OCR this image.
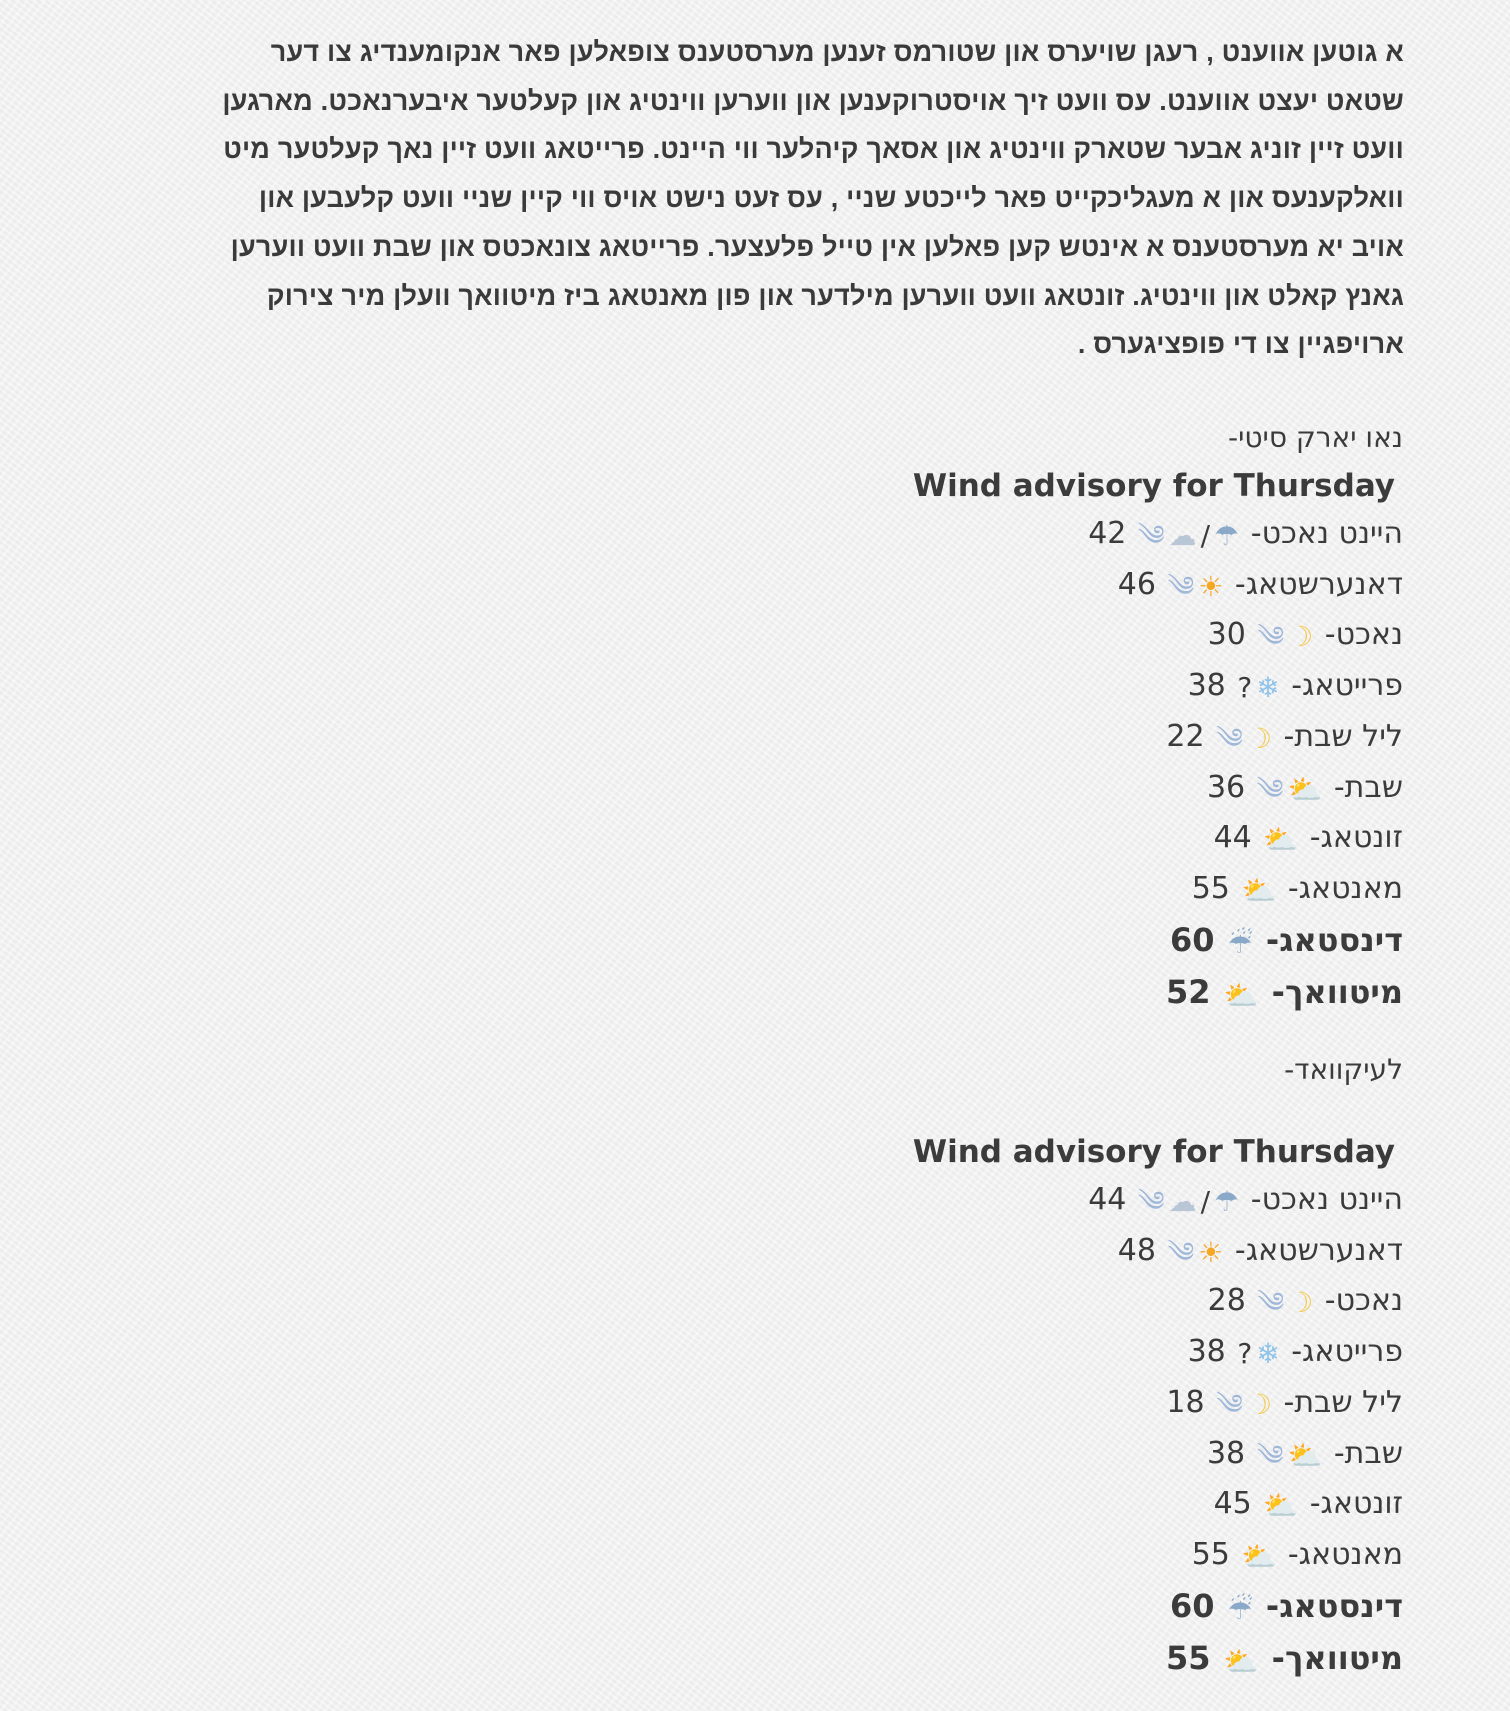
א גוטען אווענט , רעגן שויערס און שטורמס זענען מערסטענס צופאלען פאר אנקומענדיג צו דער
שטאט יעצט אווענט. עס וועט זיך אויסטרוקענען און ווערען ווינטיג און קעלטער איבערנאכט. מארגען
וועט זיין זוניג אבער שטארק ווינטיג און אסאך קיהלער ווי היינט. פרייטאג וועט זיין נאך קעלטער מיט
וואלקענעס און א מעגליכקייט פאר לייכטע שניי , עס זעט נישט אויס ווי קיין שניי וועט קלעבען און
אויב יא מערסטענס א אינטש קען פאלען אין טייל פלעצער. פרייטאג צונאכטס און שבת וועט ווערען
גאנץ קאלט און ווינטיג. זונטאג וועט ווערען מילדער און פון מאנטאג ביז מיטוואך וועלן מיר צירוק
ארויפגיין צו די פופציגערס .
נאו יארק סיטי-
Wind advisory for Thursday
היינט נאכט- ☂/☁༄ 42
דאנערשטאג- ☀༄ 46
נאכט- ☽༄ 30
פרייטאג- ❄? 38
ליל שבת- ☽༄ 22
שבת- ⛅༄ 36
זונטאג- ⛅ 44
מאנטאג- ⛅ 55
דינסטאג- ☔ 60
מיטוואך- ⛅ 52
לעיקוואד-
Wind advisory for Thursday
היינט נאכט- ☂/☁༄ 44
דאנערשטאג- ☀༄ 48
נאכט- ☽༄ 28
פרייטאג- ❄? 38
ליל שבת- ☽༄ 18
שבת- ⛅༄ 38
זונטאג- ⛅ 45
מאנטאג- ⛅ 55
דינסטאג- ☔ 60
מיטוואך- ⛅ 55
